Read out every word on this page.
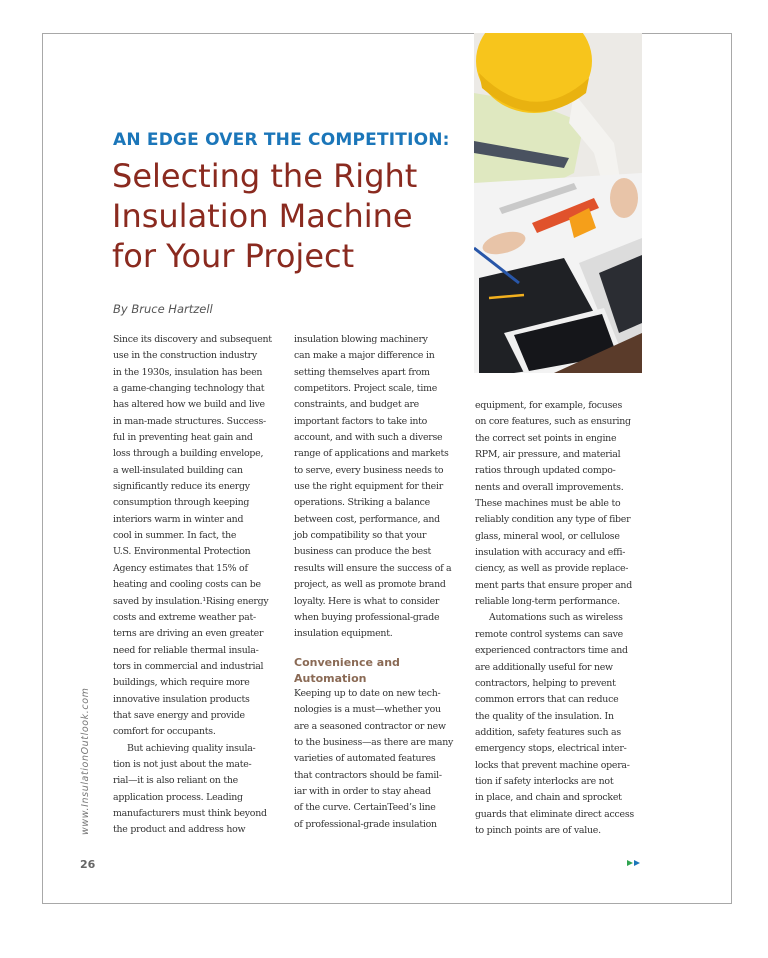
AN EDGE OVER THE COMPETITION:
Selecting the Right
Insulation Machine
for Your Project
By Bruce Hartzell
Since its discovery and subsequent
use in the construction industry
in the 1930s, insulation has been
a game-changing technology that
has altered how we build and live
in man-made structures. Success-
ful in preventing heat gain and
loss through a building envelope,
a well-insulated building can
significantly reduce its energy
consumption through keeping
interiors warm in winter and
cool in summer. In fact, the
U.S. Environmental Protection
Agency estimates that 15% of
heating and cooling costs can be
saved by insulation.¹Rising energy
costs and extreme weather pat-
terns are driving an even greater
need for reliable thermal insula-
tors in commercial and industrial
buildings, which require more
innovative insulation products
that save energy and provide
comfort for occupants.
But achieving quality insula-
tion is not just about the mate-
rial—it is also reliant on the
application process. Leading
manufacturers must think beyond
the product and address how
insulation blowing machinery
can make a major difference in
setting themselves apart from
competitors. Project scale, time
constraints, and budget are
important factors to take into
account, and with such a diverse
range of applications and markets
to serve, every business needs to
use the right equipment for their
operations. Striking a balance
between cost, performance, and
job compatibility so that your
business can produce the best
results will ensure the success of a
project, as well as promote brand
loyalty. Here is what to consider
when buying professional-grade
insulation equipment.
Convenience and
Automation
Keeping up to date on new tech-
nologies is a must—whether you
are a seasoned contractor or new
to the business—as there are many
varieties of automated features
that contractors should be famil-
iar with in order to stay ahead
of the curve. CertainTeed’s line
of professional-grade insulation
equipment, for example, focuses
on core features, such as ensuring
the correct set points in engine
RPM, air pressure, and material
ratios through updated compo-
nents and overall improvements.
These machines must be able to
reliably condition any type of fiber
glass, mineral wool, or cellulose
insulation with accuracy and effi-
ciency, as well as provide replace-
ment parts that ensure proper and
reliable long-term performance.
Automations such as wireless
remote control systems can save
experienced contractors time and
are additionally useful for new
contractors, helping to prevent
common errors that can reduce
the quality of the insulation. In
addition, safety features such as
emergency stops, electrical inter-
locks that prevent machine opera-
tion if safety interlocks are not
in place, and chain and sprocket
guards that eliminate direct access
to pinch points are of value.
www.InsulationOutlook.com
26
